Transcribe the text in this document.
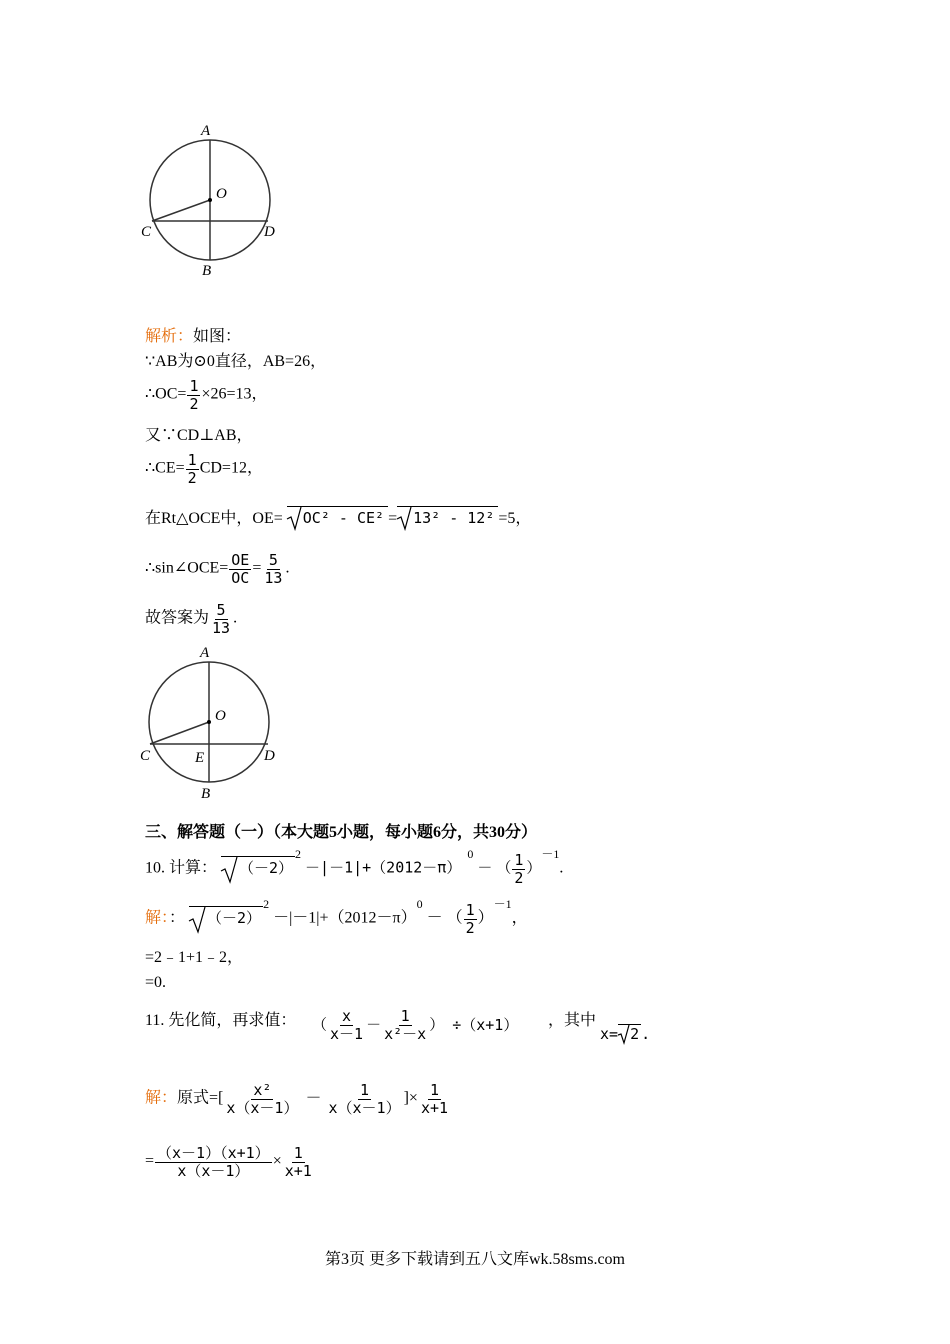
A
O
C	D
B
解析：如图：
∵AB为⊙0直径，AB=26，
∴OC= $\frac{1}{2} \times 26=13$，
又∵CD⊥AB，
∴CE= $\frac{1}{2} CD=12$，
在Rt△OCE中，OE= OC² - CE² = 13² - 12² =5，
∴sin∠OCE= $\frac{OE}{OC} = \frac{5}{13}$ .
故答案为 $\frac{5}{13}$ .
A
O
C	E	D
B
三、解答题（一）（本大题5小题，每小题6分，共30分）
10. 计算： $(-2)^2 -|-1|+(2012-\pi)^0$ － （ $\frac{1}{2} )^{-1}$.
解：： $(-2)^2 -|-1|+(2012-\pi)^0$ － （ $\frac{1}{2} )^{-1}$，
=2﹣1+1﹣2，
=0.
11. 先化简，再求值： （ $\frac{x}{x-1} - \frac{1}{\text{x²－x}}$ ） ÷（x+1） ，其中
x= 2 .
解：原式=[ $\frac{\text{x²}}{x(x-1)} - \frac{1}{x(x-1)}$ ]× $\frac{1}{x+1}$
= $\frac{(x-1)(x+1)}{x(x-1)} \times \frac{1}{x+1}$
第3页 更多下载请到五八文库wk.58sms.com
